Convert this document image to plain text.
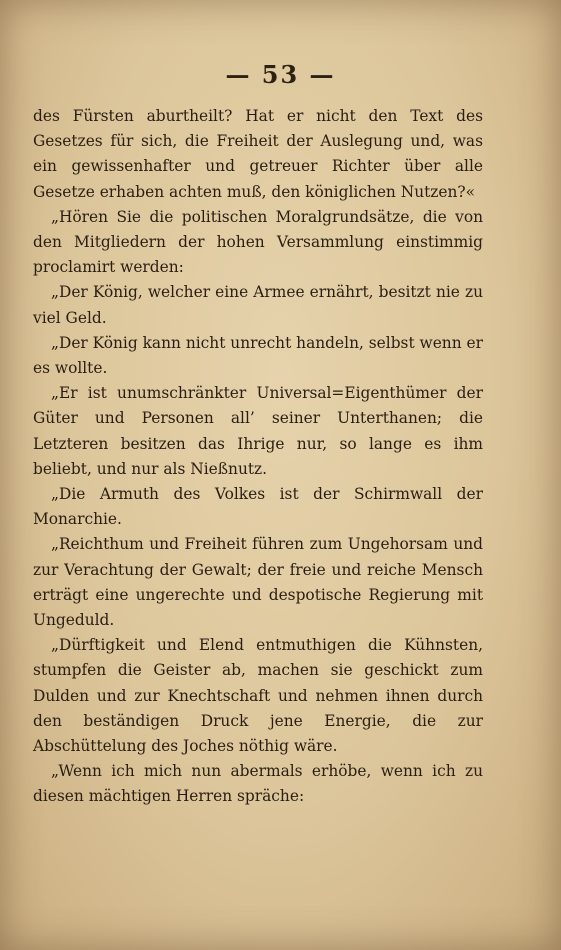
— 53 —

des Fürsten aburtheilt? Hat er nicht den Text des Gesetzes für sich, die Freiheit der Auslegung und, was ein gewissenhafter und getreuer Richter über alle Gesetze erhaben achten muß, den königlichen Nutzen?«

„Hören Sie die politischen Moralgrundsätze, die von den Mitgliedern der hohen Versammlung einstimmig proclamirt werden:

„Der König, welcher eine Armee ernährt, besitzt nie zu viel Geld.

„Der König kann nicht unrecht handeln, selbst wenn er es wollte.

„Er ist unumschränkter Universal=Eigenthümer der Güter und Personen all’ seiner Unterthanen; die Letzteren besitzen das Ihrige nur, so lange es ihm beliebt, und nur als Nießnutz.

„Die Armuth des Volkes ist der Schirmwall der Monarchie.

„Reichthum und Freiheit führen zum Ungehorsam und zur Verachtung der Gewalt; der freie und reiche Mensch erträgt eine ungerechte und despotische Regierung mit Ungeduld.

„Dürftigkeit und Elend entmuthigen die Kühnsten, stumpfen die Geister ab, machen sie geschickt zum Dulden und zur Knechtschaft und nehmen ihnen durch den beständigen Druck jene Energie, die zur Abschüttelung des Joches nöthig wäre.

„Wenn ich mich nun abermals erhöbe, wenn ich zu diesen mächtigen Herren spräche:
